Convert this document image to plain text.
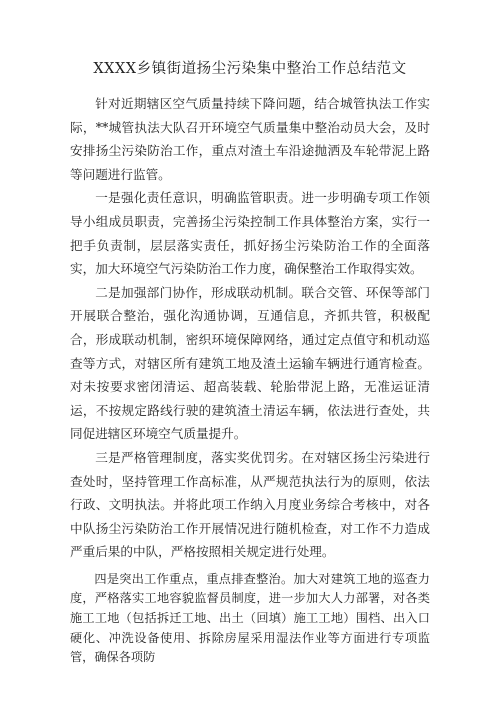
XXXX乡镇街道扬尘污染集中整治工作总结范文

针对近期辖区空气质量持续下降问题，结合城管执法工作实际，**城管执法大队召开环境空气质量集中整治动员大会，及时安排扬尘污染防治工作，重点对渣土车沿途抛洒及车轮带泥上路等问题进行监管。

一是强化责任意识，明确监管职责。进一步明确专项工作领导小组成员职责，完善扬尘污染控制工作具体整治方案，实行一把手负责制，层层落实责任，抓好扬尘污染防治工作的全面落实，加大环境空气污染防治工作力度，确保整治工作取得实效。

二是加强部门协作，形成联动机制。联合交管、环保等部门开展联合整治，强化沟通协调，互通信息，齐抓共管，积极配合，形成联动机制，密织环境保障网络，通过定点值守和机动巡查等方式，对辖区所有建筑工地及渣土运输车辆进行通宵检查。对未按要求密闭清运、超高装载、轮胎带泥上路，无准运证清运，不按规定路线行驶的建筑渣土清运车辆，依法进行查处，共同促进辖区环境空气质量提升。

三是严格管理制度，落实奖优罚劣。在对辖区扬尘污染进行查处时，坚持管理工作高标准，从严规范执法行为的原则，依法行政、文明执法。并将此项工作纳入月度业务综合考核中，对各中队扬尘污染防治工作开展情况进行随机检查，对工作不力造成严重后果的中队，严格按照相关规定进行处理。

四是突出工作重点，重点排查整治。加大对建筑工地的巡查力度，严格落实工地容貌监督员制度，进一步加大人力部署，对各类施工工地（包括拆迁工地、出土（回填）施工工地）围档、出入口硬化、冲洗设备使用、拆除房屋采用湿法作业等方面进行专项监管，确保各项防
